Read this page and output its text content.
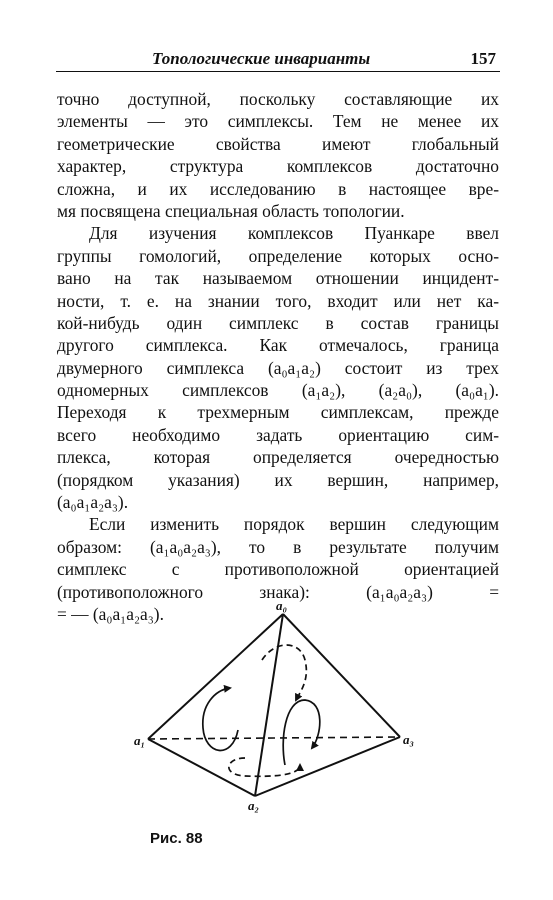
Топологические инварианты	157
точно доступной, поскольку составляющие их
элементы — это симплексы. Тем не менее их
геометрические свойства имеют глобальный
характер, структура комплексов достаточно
сложна, и их исследованию в настоящее вре-
мя посвящена специальная область топологии.
Для изучения комплексов Пуанкаре ввел
группы гомологий, определение которых осно-
вано на так называемом отношении инцидент-
ности, т. е. на знании того, входит или нет ка-
кой-нибудь один симплекс в состав границы
другого симплекса. Как отмечалось, граница
двумерного симплекса (a₀a₁a₂) состоит из трех
одномерных симплексов (a₁a₂), (a₂a₀), (a₀a₁).
Переходя к трехмерным симплексам, прежде
всего необходимо задать ориентацию сим-
плекса, которая определяется очередностью
(порядком указания) их вершин, например,
(a₀a₁a₂a₃).
Если изменить порядок вершин следующим
образом: (a₁a₀a₂a₃), то в результате получим
симплекс с противоположной ориентацией
(противоположного знака): (a₁a₀a₂a₃) =
= — (a₀a₁a₂a₃).	a₀
a₁
a₂
a₃
Рис. 88
